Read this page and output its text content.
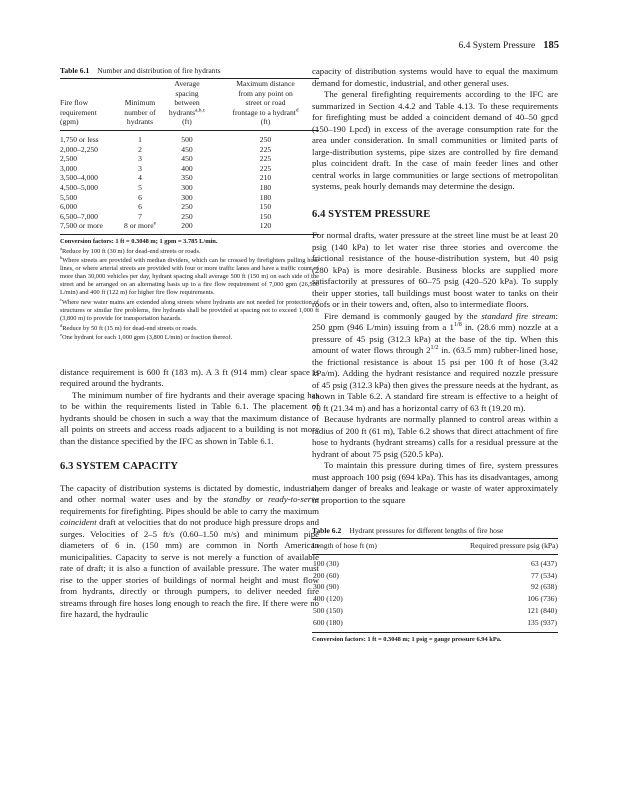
6.4 System Pressure 185
Table 6.1 Number and distribution of fire hydrants
		Average	Maximum distance
		spacing	from any point on
Fire flow	Minimum	between	street or road
requirement	number of	hydrants$^{a,b,c}$	frontage to a hydrant$^d$
(gpm)	hydrants	(ft)	(ft)
1,750 or less	1	500	250
2,000–2,250	2	450	225
2,500	3	450	225
3,000	3	400	225
3,500–4,000	4	350	210
4,500–5,000	5	300	180
5,500	6	300	180
6,000	6	250	150
6,500–7,000	7	250	150
7,500 or more	8 or more$^e$	200	120

Conversion factors: 1 ft = 0.3048 m; 1 gpm = 3.785 L/min.

$^a$Reduce by 100 ft (30 m) for dead-end streets or roads.

$^b$Where streets are provided with median dividers, which can be crossed by firefighters pulling hose lines, or where arterial streets are provided with four or more traffic lanes and have a traffic count of more than 30,000 vehicles per day, hydrant spacing shall average 500 ft (150 m) on each side of the street and be arranged on an alternating basis up to a fire flow requirement of 7,000 gpm (26,500 L/min) and 400 ft (122 m) for higher fire flow requirements.

$^c$Where new water mains are extended along streets where hydrants are not needed for protection of structures or similar fire problems, fire hydrants shall be provided at spacing not to exceed 1,000 ft (3,800 m) to provide for transportation hazards.

$^d$Reduce by 50 ft (15 m) for dead-end streets or roads.

$^e$One hydrant for each 1,000 gpm (3,800 L/min) or fraction thereof.

distance requirement is 600 ft (183 m). A 3 ft (914 mm) clear space is required around the hydrants.

The minimum number of fire hydrants and their average spacing has to be within the requirements listed in Table 6.1. The placement of hydrants should be chosen in such a way that the maximum distance of all points on streets and access roads adjacent to a building is not more than the distance specified by the IFC as shown in Table 6.1.

6.3 SYSTEM CAPACITY

The capacity of distribution systems is dictated by domestic, industrial, and other normal water uses and by the standby or ready-to-serve requirements for firefighting. Pipes should be able to carry the maximum coincident draft at velocities that do not produce high pressure drops and surges. Velocities of 2–5 ft/s (0.60–1.50 m/s) and minimum pipe diameters of 6 in. (150 mm) are common in North American municipalities. Capacity to serve is not merely a function of available rate of draft; it is also a function of available pressure. The water must rise to the upper stories of buildings of normal height and must flow from hydrants, directly or through pumpers, to deliver needed fire streams through fire hoses long enough to reach the fire. If there were no fire hazard, the hydraulic

capacity of distribution systems would have to equal the maximum demand for domestic, industrial, and other general uses.

The general firefighting requirements according to the IFC are summarized in Section 4.4.2 and Table 4.13. To these requirements for firefighting must be added a coincident demand of 40–50 gpcd (150–190 Lpcd) in excess of the average consumption rate for the area under consideration. In small communities or limited parts of large-distribution systems, pipe sizes are controlled by fire demand plus coincident draft. In the case of main feeder lines and other central works in large communities or large sections of metropolitan systems, peak hourly demands may determine the design.

6.4 SYSTEM PRESSURE

For normal drafts, water pressure at the street line must be at least 20 psig (140 kPa) to let water rise three stories and overcome the frictional resistance of the house-distribution system, but 40 psig (280 kPa) is more desirable. Business blocks are supplied more satisfactorily at pressures of 60–75 psig (420–520 kPa). To supply their upper stories, tall buildings must boost water to tanks on their roofs or in their towers and, often, also to intermediate floors.

Fire demand is commonly gauged by the standard fire stream: 250 gpm (946 L/min) issuing from a $1^{1/8}$ in. (28.6 mm) nozzle at a pressure of 45 psig (312.3 kPa) at the base of the tip. When this amount of water flows through $2^{1/2}$ in. (63.5 mm) rubber-lined hose, the frictional resistance is about 15 psi per 100 ft of hose (3.42 kPa/m). Adding the hydrant resistance and required nozzle pressure of 45 psig (312.3 kPa) then gives the pressure needs at the hydrant, as shown in Table 6.2. A standard fire stream is effective to a height of 70 ft (21.34 m) and has a horizontal carry of 63 ft (19.20 m).

Because hydrants are normally planned to control areas within a radius of 200 ft (61 m), Table 6.2 shows that direct attachment of fire hose to hydrants (hydrant streams) calls for a residual pressure at the hydrant of about 75 psig (520.5 kPa).

To maintain this pressure during times of fire, system pressures must approach 100 psig (694 kPa). This has its disadvantages, among them danger of breaks and leakage or waste of water approximately in proportion to the square

Table 6.2 Hydrant pressures for different lengths of fire hose
Length of hose ft (m)	Required pressure psig (kPa)
100 (30)	63 (437)
200 (60)	77 (534)
300 (90)	92 (638)
400 (120)	106 (736)
500 (150)	121 (840)
600 (180)	135 (937)
Conversion factors: 1 ft = 0.3048 m; 1 psig = gauge pressure 6.94 kPa.
